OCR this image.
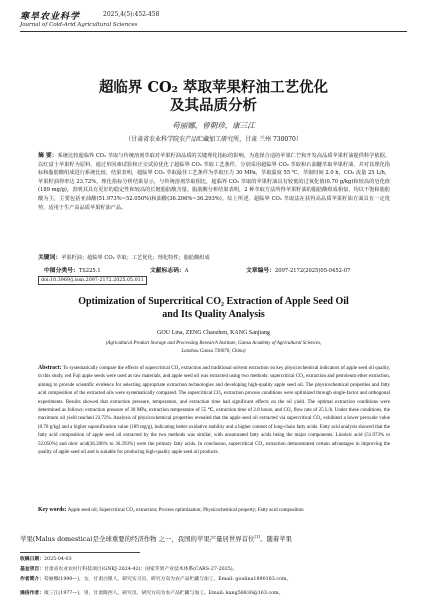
寒旱农业科学	2025,4(5):452-458
Journal of Cold-Arid Agricultural Sciences
超临界 CO₂ 萃取苹果籽油工艺优化
及其品质分析
苟丽娜，曾朝珍，康三江
（甘肃省农业科学院农产品贮藏加工研究所，甘肃 兰州 730070）
摘 要：系统比较超临界 CO₂ 萃取与传统溶剂萃取对苹果籽油品质的关键理化指标的影响，为选择合适的苹果仁芒和开发高品质苹果籽油提供科学依据。以红富士苹果籽为原料，通过单因素试验和正交试验优化了超临界 CO₂ 萃取工艺条件，分别采用超临界 CO₂ 萃取和石油醚萃取苹果籽油，并对其理化指标和脂肪酸组成进行系统比较。结果表明，超临界 CO₂ 萃取最佳工艺条件为萃取压力 30 MPa，萃取温度 55 ℃，萃取时间 2.0 h，CO₂ 流量 25 L/h，苹果籽油得率达 23.72%。理化指标分析结果显示，与传统溶剂萃取相比，超临界 CO₂ 萃取的苹果籽油具有较低的过氧化值(0.70 g/kg)和较高的皂化值(189 mg/g)，表明其具有更好的稳定性和较高的长链脂肪酸含量。脂肪酸分析结果表明，2 种萃取方法所得苹果籽油的脂肪酸组成相似，均以不饱和脂肪酸为主，主要包括亚油酸(51.973%~52.050%)和油酸(36.206%~36.293%)。综上所述，超临界 CO₂ 萃取法在获得高品质苹果籽油方面具有一定优势，适用于生产高品质苹果籽油产品。
关键词：苹果籽油；超临界 CO₂ 萃取；工艺优化；理化特性；脂肪酸组成
中图分类号：TS225.1	文献标志码：A	文章编号：2097-2172(2025)05-0452-07
doi:10.3969/j.issn.2097-2172.2025.05.011
Optimization of Supercritical CO₂ Extraction of Apple Seed Oil
and Its Quality Analysis
GOU Lina, ZENG Chaozhen, KANG Sanjiang
(Agricultural Product Storage and Processing Research Institute, Gansu Academy of Agricultural Sciences,
Lanzhou Gansu 730070, China)
Abstract: To systematically compare the effects of supercritical CO₂ extraction and traditional solvent extraction on key physicochemical indicators of apple seed oil quality, in this study, red Fuji apple seeds were used as raw materials, and apple seed oil was extracted using two methods: supercritical CO₂ extraction and petroleum ether extraction, aiming to provide scientific evidence for selecting appropriate extraction technologies and developing high-quality apple seed oil. The physicochemical properties and fatty acid composition of the extracted oils were systematically compared. The supercritical CO₂ extraction process conditions were optimized through single-factor and orthogonal experiments. Results showed that extraction pressure, temperature, and extraction time had significant effects on the oil yield. The optimal extraction conditions were determined as follows: extraction pressure of 30 MPa, extraction temperature of 55 ℃, extraction time of 2.0 hours, and CO₂ flow rate of 25 L/h. Under these conditions, the maximum oil yield reached 23.72%. Analysis of physicochemical properties revealed that the apple seed oil extracted via supercritical CO₂ exhibited a lower peroxide value (0.70 g/kg) and a higher saponification value (189 mg/g), indicating better oxidative stability and a higher content of long-chain fatty acids. Fatty acid analysis showed that the fatty acid composition of apple seed oil extracted by the two methods was similar, with unsaturated fatty acids being the major components. Linoleic acid (51.973% to 52.050%) and oleic acid(36.206% to 36.293%) were the primary fatty acids. In conclusion, supercritical CO₂ extraction demonstrated certain advantages in improving the quality of apple seed oil and is suitable for producing high-quality apple seed oil products.
Key words: Apple seed oil; Supercritical CO₂ extraction; Process optimization; Physicochemical property; Fatty acid composition
苹果(Malus domestica)是全球重要的经济作物 之一，我国的苹果产量居世界首位[1]。随着苹果
收稿日期：2025-04-03
基金项目：甘肃省农业农村厅科技项目(GNKJ-2024-42)；国家苹果产业技术体系(CARS-27-2025)。
作者简介：苟丽娜(1990—)，女，甘肃白银人，研究实习员，研究方向为农产品贮藏与加工。Email: goulina1890163.com。
通信作者：康三江(1977—)，男，甘肃陇西人，研究员，研究方向为农产品贮藏与加工。Email: kang58830@163.com。
